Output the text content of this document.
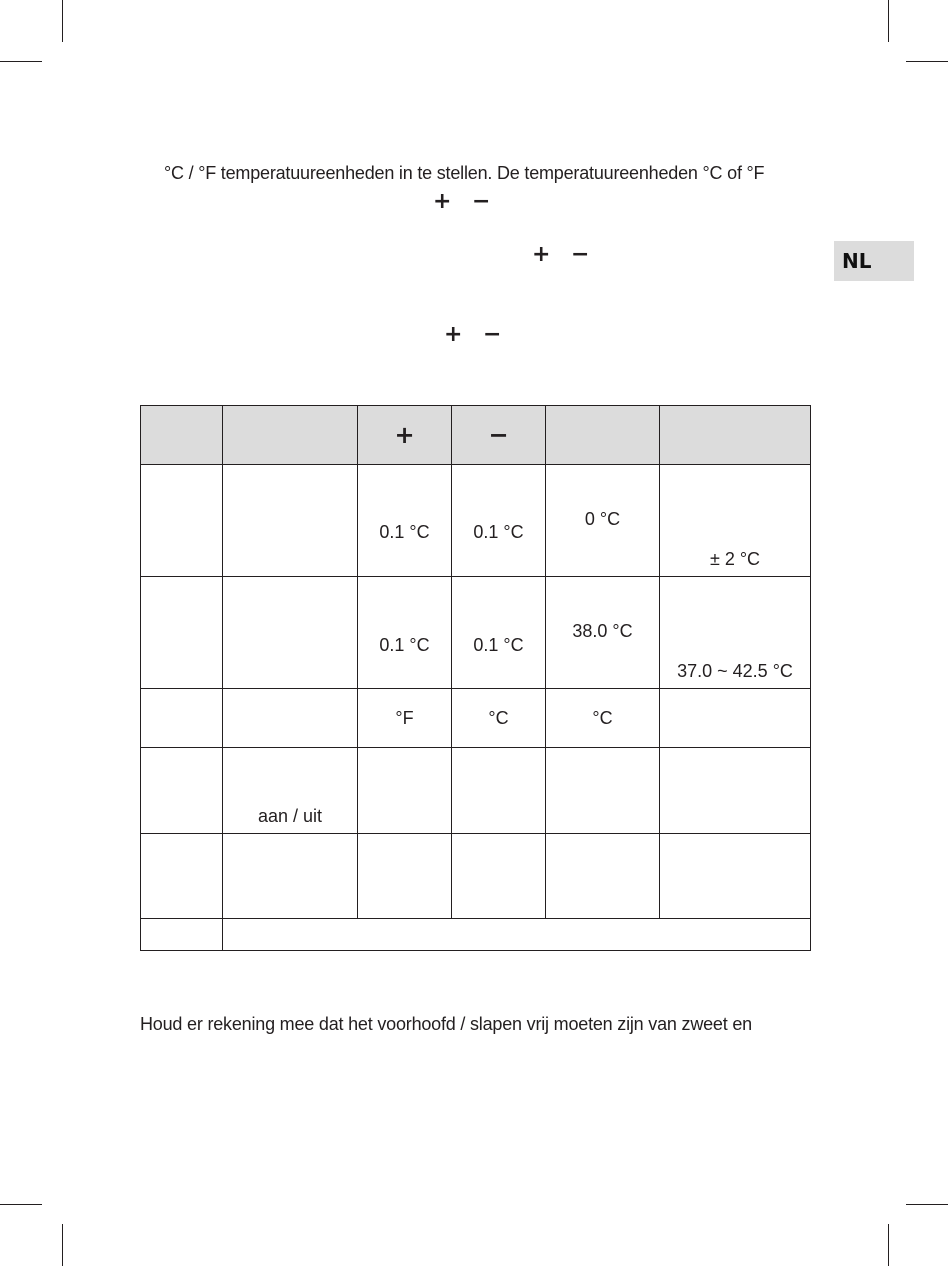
NL
°C / °F temperatuureenheden in te stellen. De temperatuureenheden °C of °F
+ −
+ −
+ −
		+	−		

		0.1 °C	0.1 °C	0 °C	± 2 °C

		0.1 °C	0.1 °C	38.0 °C	37.0 ~ 42.5 °C

		°F	°C	°C	

	aan / uit				

Houd er rekening mee dat het voorhoofd / slapen vrij moeten zijn van zweet en
